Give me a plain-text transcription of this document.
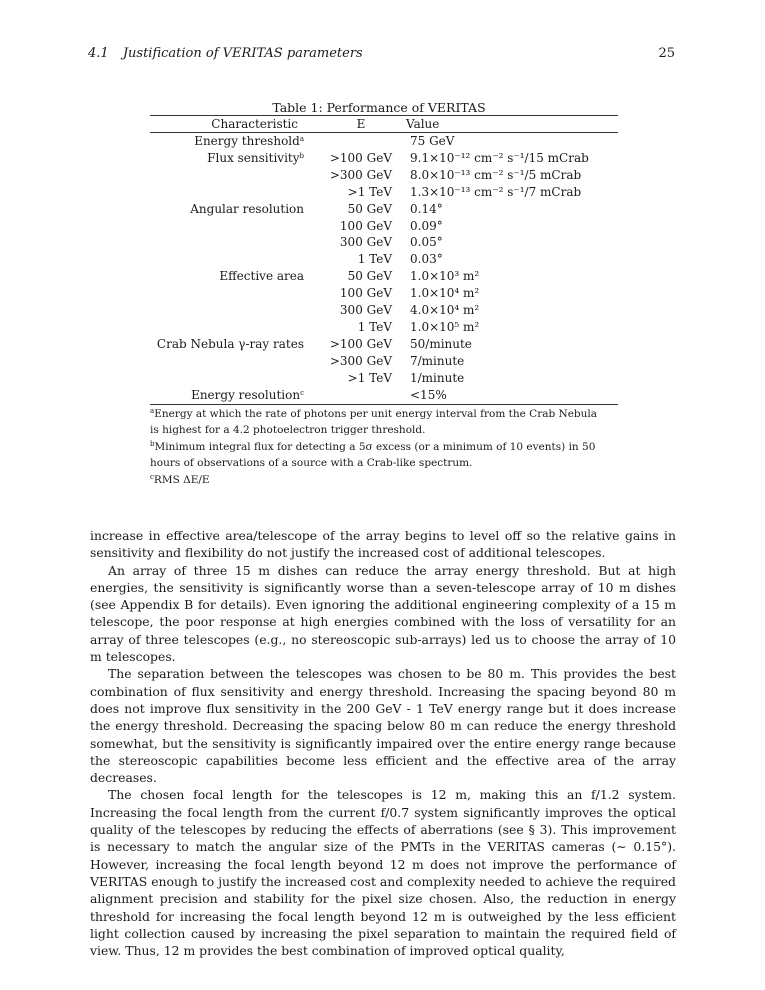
4.1 Justification of VERITAS parameters	25
Table 1: Performance of VERITAS
Characteristic	E	Value
Energy threshold$^a$		75 GeV
Flux sensitivity$^b$	>100 GeV	9.1×10⁻¹² cm⁻² s⁻¹/15 mCrab
	>300 GeV	8.0×10⁻¹³ cm⁻² s⁻¹/5 mCrab
	>1 TeV	1.3×10⁻¹³ cm⁻² s⁻¹/7 mCrab
Angular resolution	50 GeV	0.14°
	100 GeV	0.09°
	300 GeV	0.05°
	1 TeV	0.03°
Effective area	50 GeV	1.0×10³ m²
	100 GeV	1.0×10⁴ m²
	300 GeV	4.0×10⁴ m²
	1 TeV	1.0×10⁵ m²
Crab Nebula γ-ray rates	>100 GeV	50/minute
	>300 GeV	7/minute
	>1 TeV	1/minute
Energy resolution$^c$		<15%
$^a$Energy at which the rate of photons per unit energy interval from the Crab Nebula
is highest for a 4.2 photoelectron trigger threshold.
$^b$Minimum integral flux for detecting a 5σ excess (or a minimum of 10 events) in 50
hours of observations of a source with a Crab-like spectrum.
$^c$RMS ΔE/E

increase in effective area/telescope of the array begins to level off so the relative gains in sensitivity and flexibility do not justify the increased cost of additional telescopes.

An array of three 15 m dishes can reduce the array energy threshold. But at high energies, the sensitivity is significantly worse than a seven-telescope array of 10 m dishes (see Appendix B for details). Even ignoring the additional engineering complexity of a 15 m telescope, the poor response at high energies combined with the loss of versatility for an array of three telescopes (e.g., no stereoscopic sub-arrays) led us to choose the array of 10 m telescopes.

The separation between the telescopes was chosen to be 80 m. This provides the best combination of flux sensitivity and energy threshold. Increasing the spacing beyond 80 m does not improve flux sensitivity in the 200 GeV - 1 TeV energy range but it does increase the energy threshold. Decreasing the spacing below 80 m can reduce the energy threshold somewhat, but the sensitivity is significantly impaired over the entire energy range because the stereoscopic capabilities become less efficient and the effective area of the array decreases.

The chosen focal length for the telescopes is 12 m, making this an f/1.2 system. Increasing the focal length from the current f/0.7 system significantly improves the optical quality of the telescopes by reducing the effects of aberrations (see § 3). This improvement is necessary to match the angular size of the PMTs in the VERITAS cameras (∼ 0.15°). However, increasing the focal length beyond 12 m does not improve the performance of VERITAS enough to justify the increased cost and complexity needed to achieve the required alignment precision and stability for the pixel size chosen. Also, the reduction in energy threshold for increasing the focal length beyond 12 m is outweighed by the less efficient light collection caused by increasing the pixel separation to maintain the required field of view. Thus, 12 m provides the best combination of improved optical quality,
